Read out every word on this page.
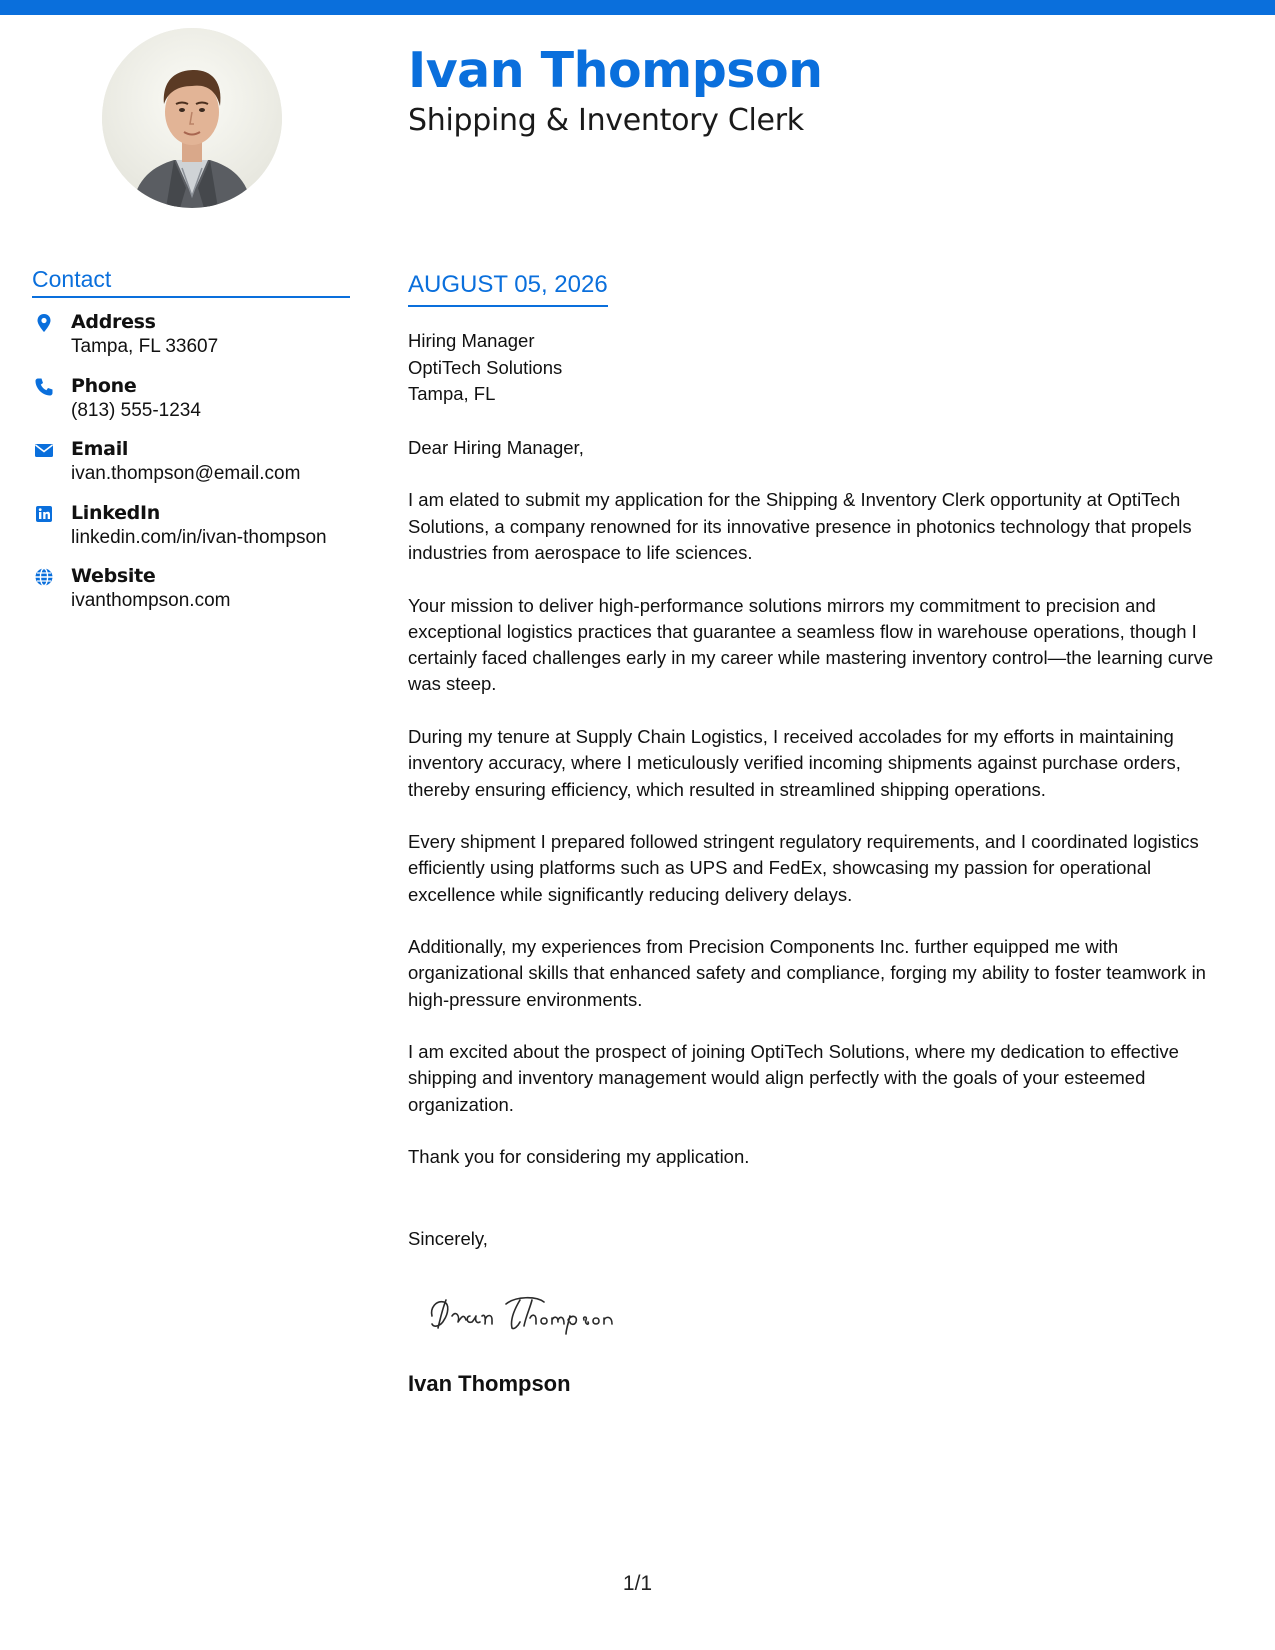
Ivan Thompson
Shipping & Inventory Clerk
Contact
Address
Tampa, FL 33607
Phone
(813) 555-1234
Email
ivan.thompson@email.com
LinkedIn
linkedin.com/in/ivan-thompson
Website
ivanthompson.com
AUGUST 05, 2026
Hiring Manager
OptiTech Solutions
Tampa, FL

Dear Hiring Manager,

I am elated to submit my application for the Shipping & Inventory Clerk opportunity at OptiTech Solutions, a company renowned for its innovative presence in photonics technology that propels industries from aerospace to life sciences.

Your mission to deliver high-performance solutions mirrors my commitment to precision and exceptional logistics practices that guarantee a seamless flow in warehouse operations, though I certainly faced challenges early in my career while mastering inventory control—the learning curve was steep.

During my tenure at Supply Chain Logistics, I received accolades for my efforts in maintaining inventory accuracy, where I meticulously verified incoming shipments against purchase orders, thereby ensuring efficiency, which resulted in streamlined shipping operations.

Every shipment I prepared followed stringent regulatory requirements, and I coordinated logistics efficiently using platforms such as UPS and FedEx, showcasing my passion for operational excellence while significantly reducing delivery delays.

Additionally, my experiences from Precision Components Inc. further equipped me with organizational skills that enhanced safety and compliance, forging my ability to foster teamwork in high-pressure environments.

I am excited about the prospect of joining OptiTech Solutions, where my dedication to effective shipping and inventory management would align perfectly with the goals of your esteemed organization.

Thank you for considering my application.

Sincerely,
Ivan Thompson
1/1
